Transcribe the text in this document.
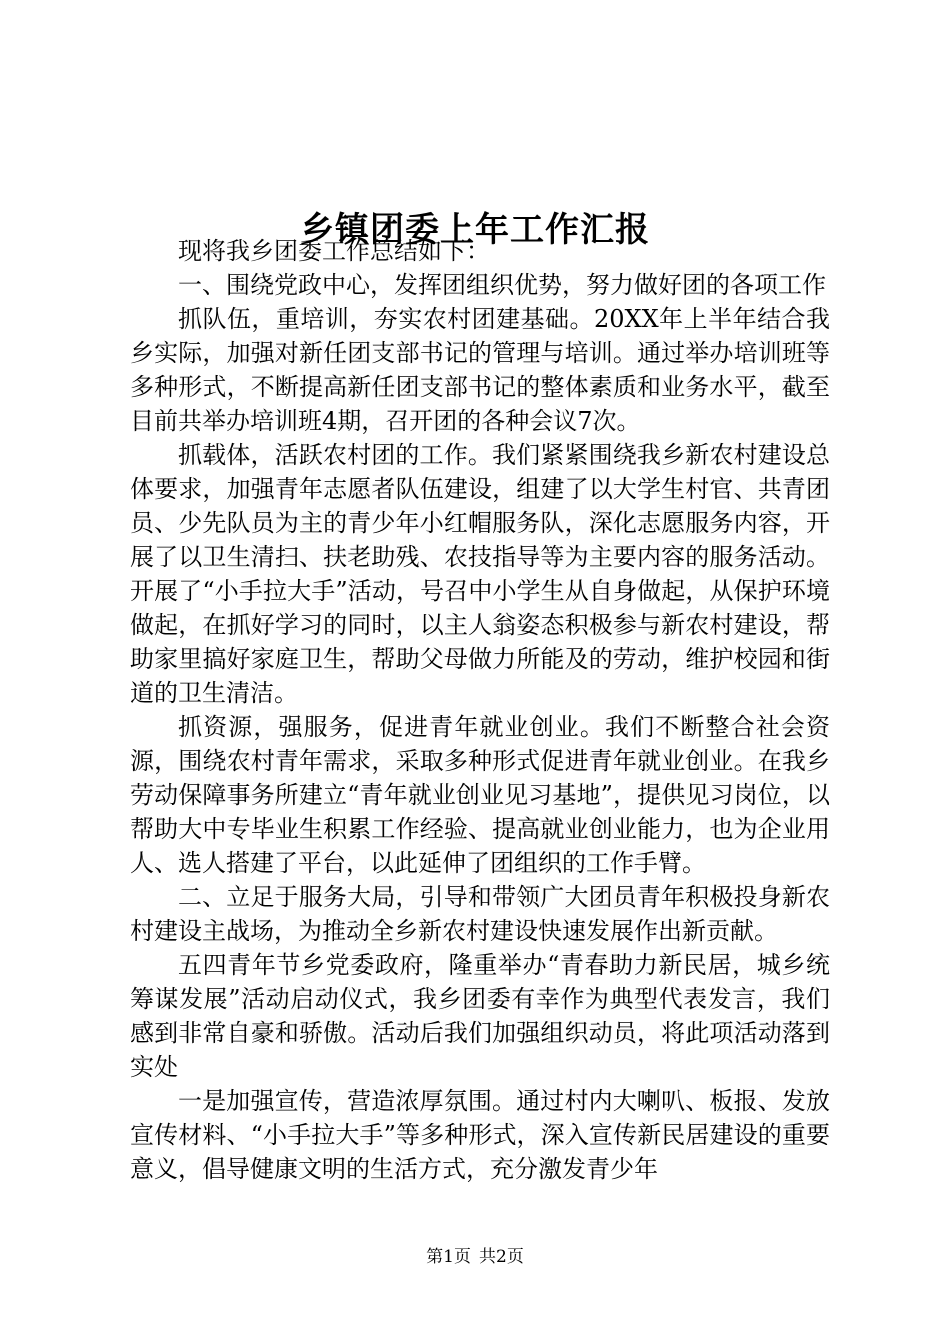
乡镇团委上年工作汇报

现将我乡团委工作总结如下：

一、围绕党政中心，发挥团组织优势，努力做好团的各项工作

抓队伍，重培训，夯实农村团建基础。20XX年上半年结合我乡实际，加强对新任团支部书记的管理与培训。通过举办培训班等多种形式，不断提高新任团支部书记的整体素质和业务水平，截至目前共举办培训班4期，召开团的各种会议7次。

抓载体，活跃农村团的工作。我们紧紧围绕我乡新农村建设总体要求，加强青年志愿者队伍建设，组建了以大学生村官、共青团员、少先队员为主的青少年小红帽服务队，深化志愿服务内容，开展了以卫生清扫、扶老助残、农技指导等为主要内容的服务活动。开展了“小手拉大手”活动，号召中小学生从自身做起，从保护环境做起，在抓好学习的同时，以主人翁姿态积极参与新农村建设，帮助家里搞好家庭卫生，帮助父母做力所能及的劳动，维护校园和街道的卫生清洁。

抓资源，强服务，促进青年就业创业。我们不断整合社会资源，围绕农村青年需求，采取多种形式促进青年就业创业。在我乡劳动保障事务所建立“青年就业创业见习基地”，提供见习岗位，以帮助大中专毕业生积累工作经验、提高就业创业能力，也为企业用人、选人搭建了平台，以此延伸了团组织的工作手臂。

二、立足于服务大局，引导和带领广大团员青年积极投身新农村建设主战场，为推动全乡新农村建设快速发展作出新贡献。

五四青年节乡党委政府，隆重举办“青春助力新民居，城乡统筹谋发展”活动启动仪式，我乡团委有幸作为典型代表发言，我们感到非常自豪和骄傲。活动后我们加强组织动员，将此项活动落到实处

一是加强宣传，营造浓厚氛围。通过村内大喇叭、板报、发放宣传材料、“小手拉大手”等多种形式，深入宣传新民居建设的重要意义，倡导健康文明的生活方式，充分激发青少年

第1页 共2页
